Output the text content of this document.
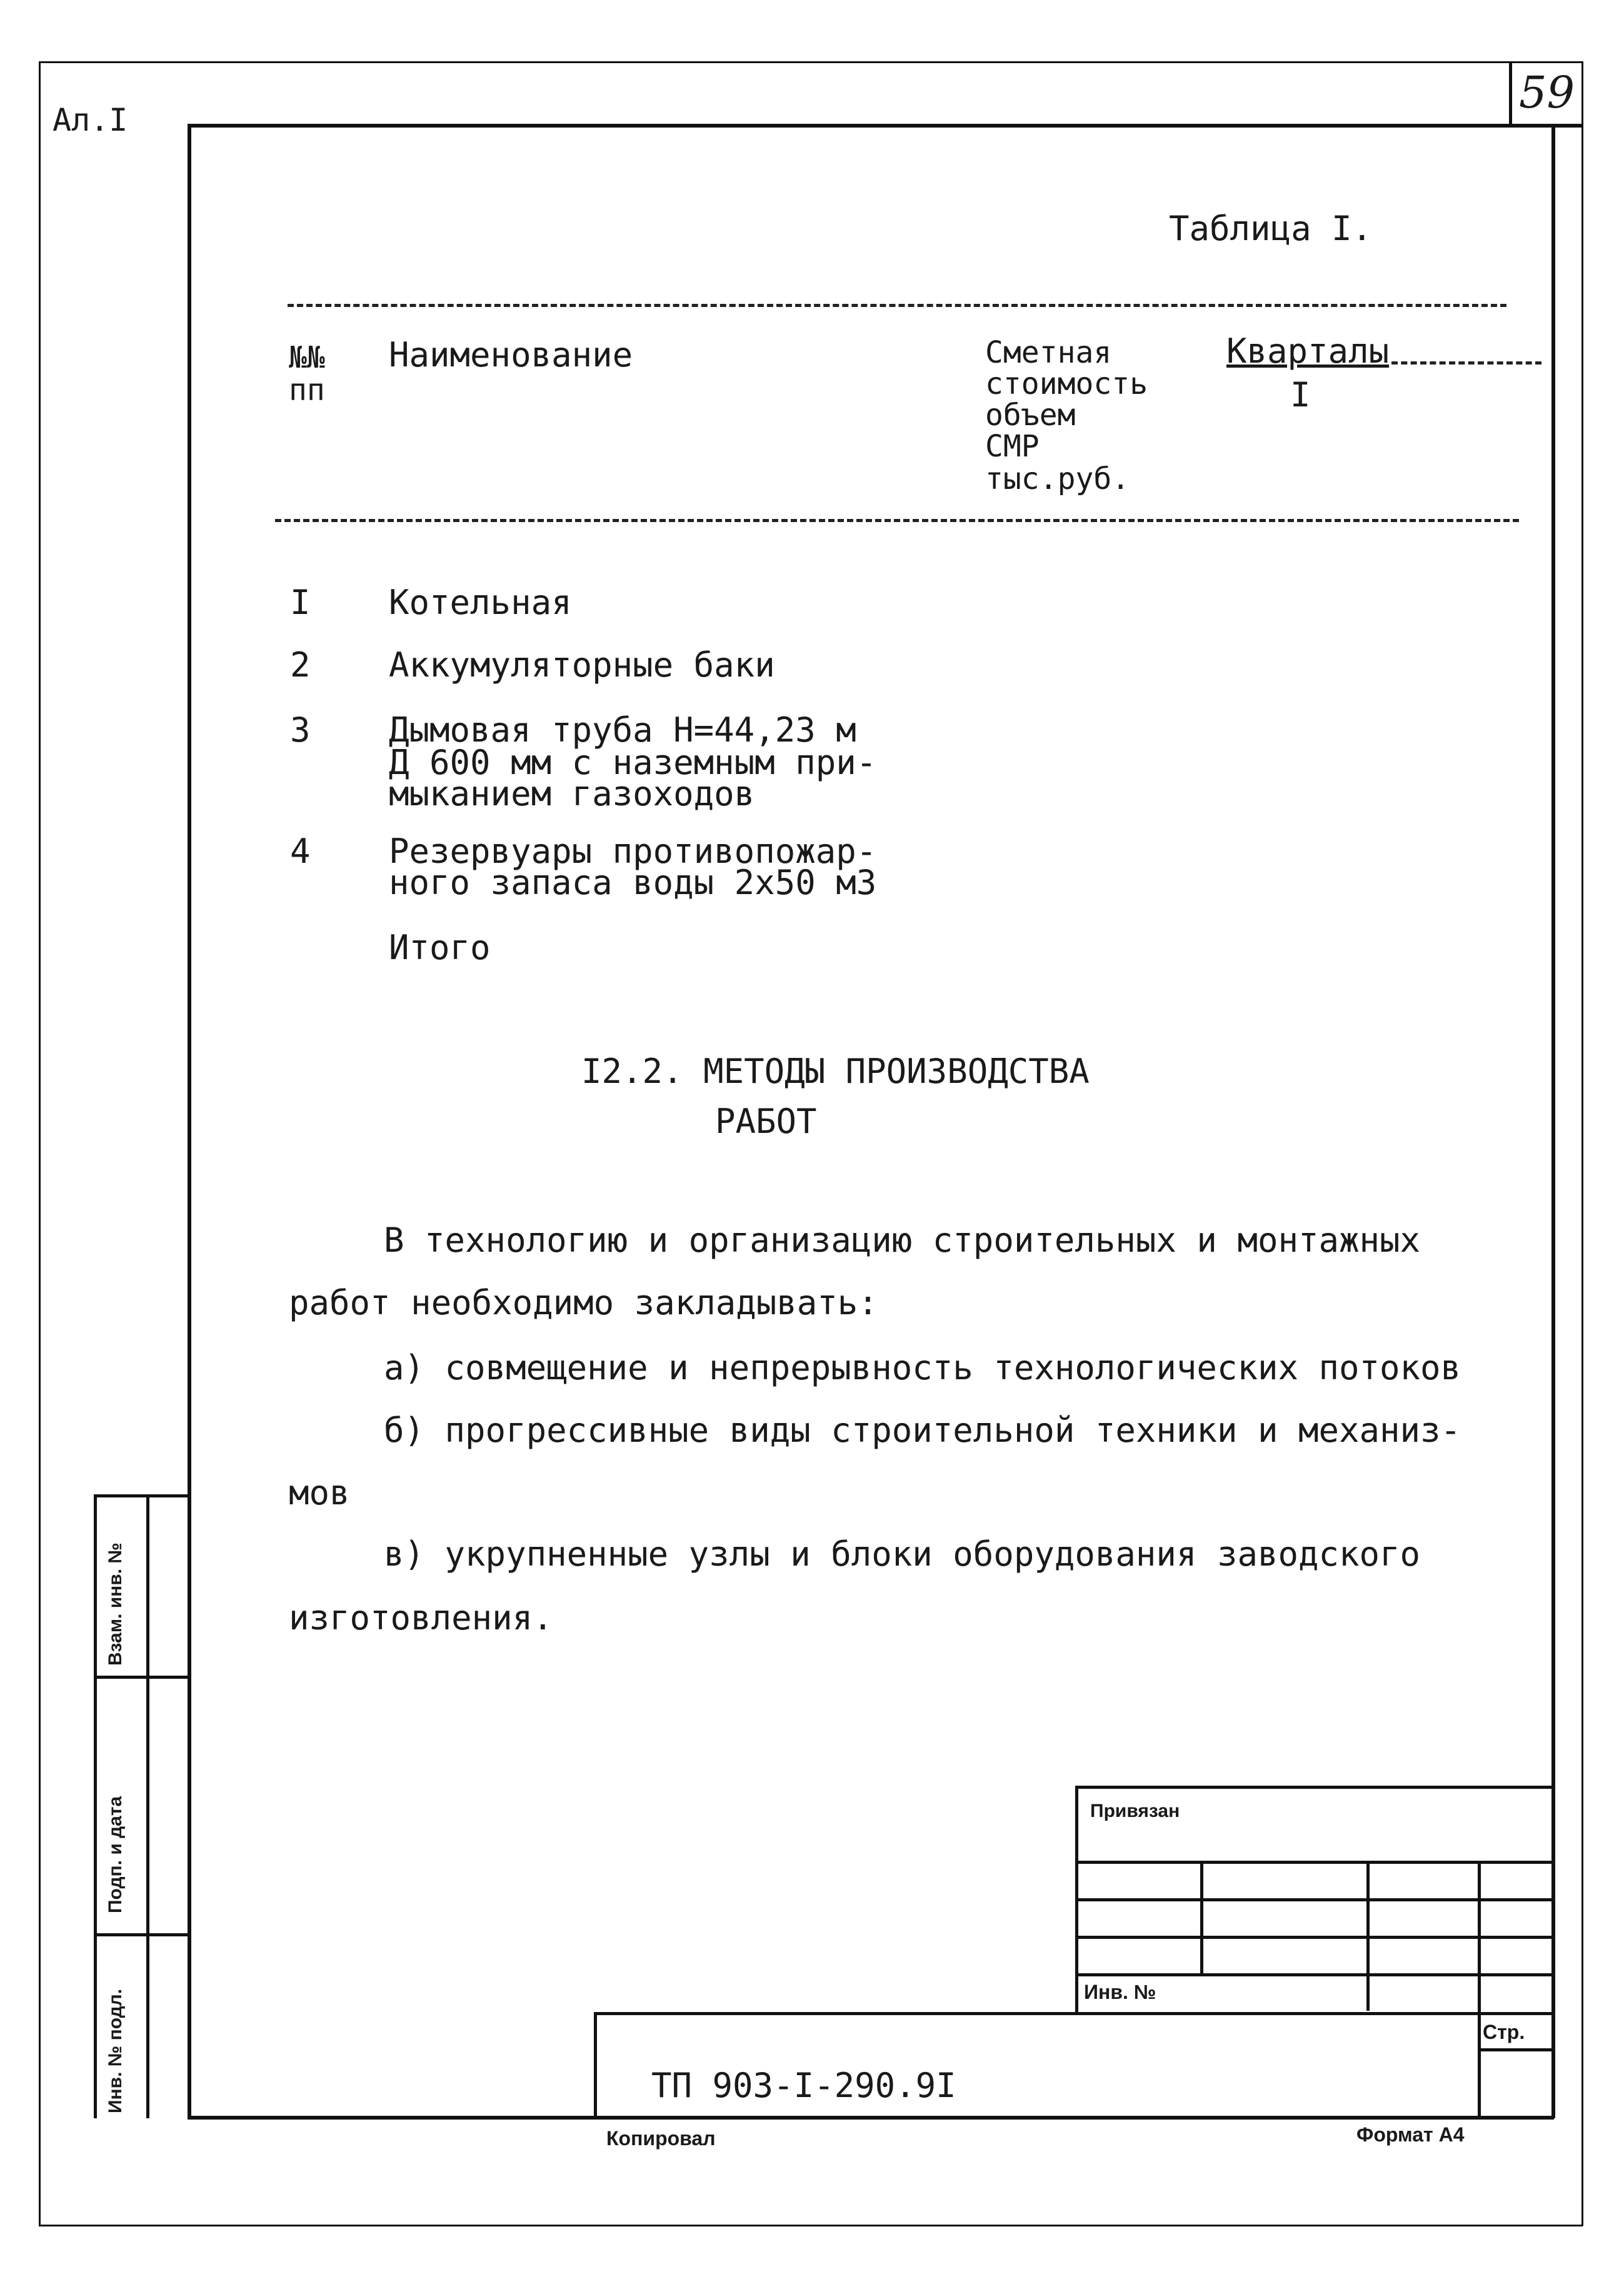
Ал.I
59
Взам. инв. №
Подп. и дата
Инв. № подл.
Таблица I.
№№
пп
Наименование	Сметная
стоимость
объем
СМР
тыс.руб.
Кварталы
I
I Котельная
2 Аккумуляторные баки
3 Дымовая труба Н=44,23 м
Д 600 мм с наземным при-
мыканием газоходов
4 Резервуары противопожар-
ного запаса воды 2х50 м3
Итого
I2.2. МЕТОДЫ ПРОИЗВОДСТВА
РАБОТ
В технологию и организацию строительных и монтажных
работ необходимо закладывать:
а) совмещение и непрерывность технологических потоков
б) прогрессивные виды строительной техники и механиз-
мов
в) укрупненные узлы и блоки оборудования заводского
изготовления.
Привязан
Инв. №
Стр.
ТП 903-I-290.9I
Копировал	Формат А4
